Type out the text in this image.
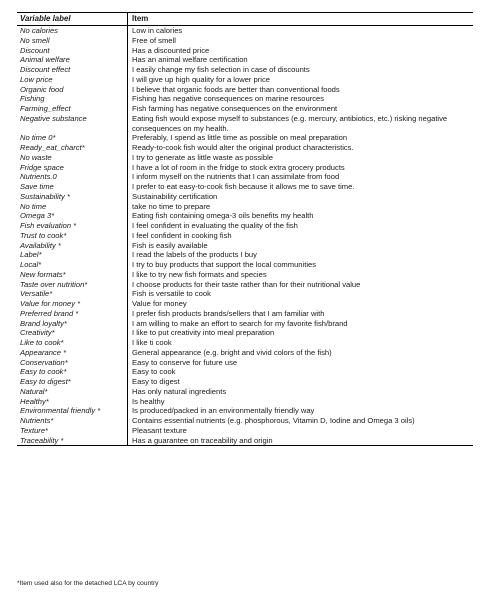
Variable label	Item
No calories	Low in calories
No smell	Free of smell
Discount	Has a discounted price
Animal welfare	Has an animal welfare certification
Discount effect	I easily change my fish selection in case of discounts
Low price	I will give up high quality for a lower price
Organic food	I believe that organic foods are better than conventional foods
Fishing	Fishing has negative consequences on marine resources
Farming_effect	Fish farming has negative consequences on the environment
Negative substance	Eating fish would expose myself to substances (e.g. mercury, antibiotics, etc.) risking negative consequences on my health.
No time 0*	Preferably, I spend as little time as possible on meal preparation
Ready_eat_charct*	Ready-to-cook fish would alter the original product characteristics.
No waste	I try to generate as little waste as possible
Fridge space	I have a lot of room in the fridge to stock extra grocery products
Nutrients.0	I inform myself on the nutrients that I can assimilate from food
Save time	I prefer to eat easy-to-cook fish because it allows me to save time.
Sustainability *	Sustainability certification
No time	take no time to prepare
Omega 3*	Eating fish containing omega-3 oils benefits my health
Fish evaluation *	I feel confident in evaluating the quality of the fish
Trust to cook*	I feel confident in cooking fish
Availability *	Fish is easily available
Label*	I read the labels of the products I buy
Local*	I try to buy products that support the local communities
New formats*	I like to try new fish formats and species
Taste over nutrition*	I choose products for their taste rather than for their nutritional value
Versatile*	Fish is versatile to cook
Value for money *	Value for money
Preferred brand *	I prefer fish products brands/sellers that I am familiar with
Brand loyalty*	I am willing to make an effort to search for my favorite fish/brand
Creativity*	I like to put creativity into meal preparation
Like to cook*	I like ti cook
Appearance *	General appearance (e.g. bright and vivid colors of the fish)
Conservation*	Easy to conserve for future use
Easy to cook*	Easy to cook
Easy to digest*	Easy to digest
Natural*	Has only natural ingredients
Healthy*	Is healthy
Environmental friendly *	Is produced/packed in an environmentally friendly way
Nutrients*	Contains essential nutrients (e.g. phosphorous, Vitamin D, Iodine and Omega 3 oils)
Texture*	Pleasant texture
Traceability *	Has a guarantee on traceability and origin
*Item used also for the detached LCA by country
